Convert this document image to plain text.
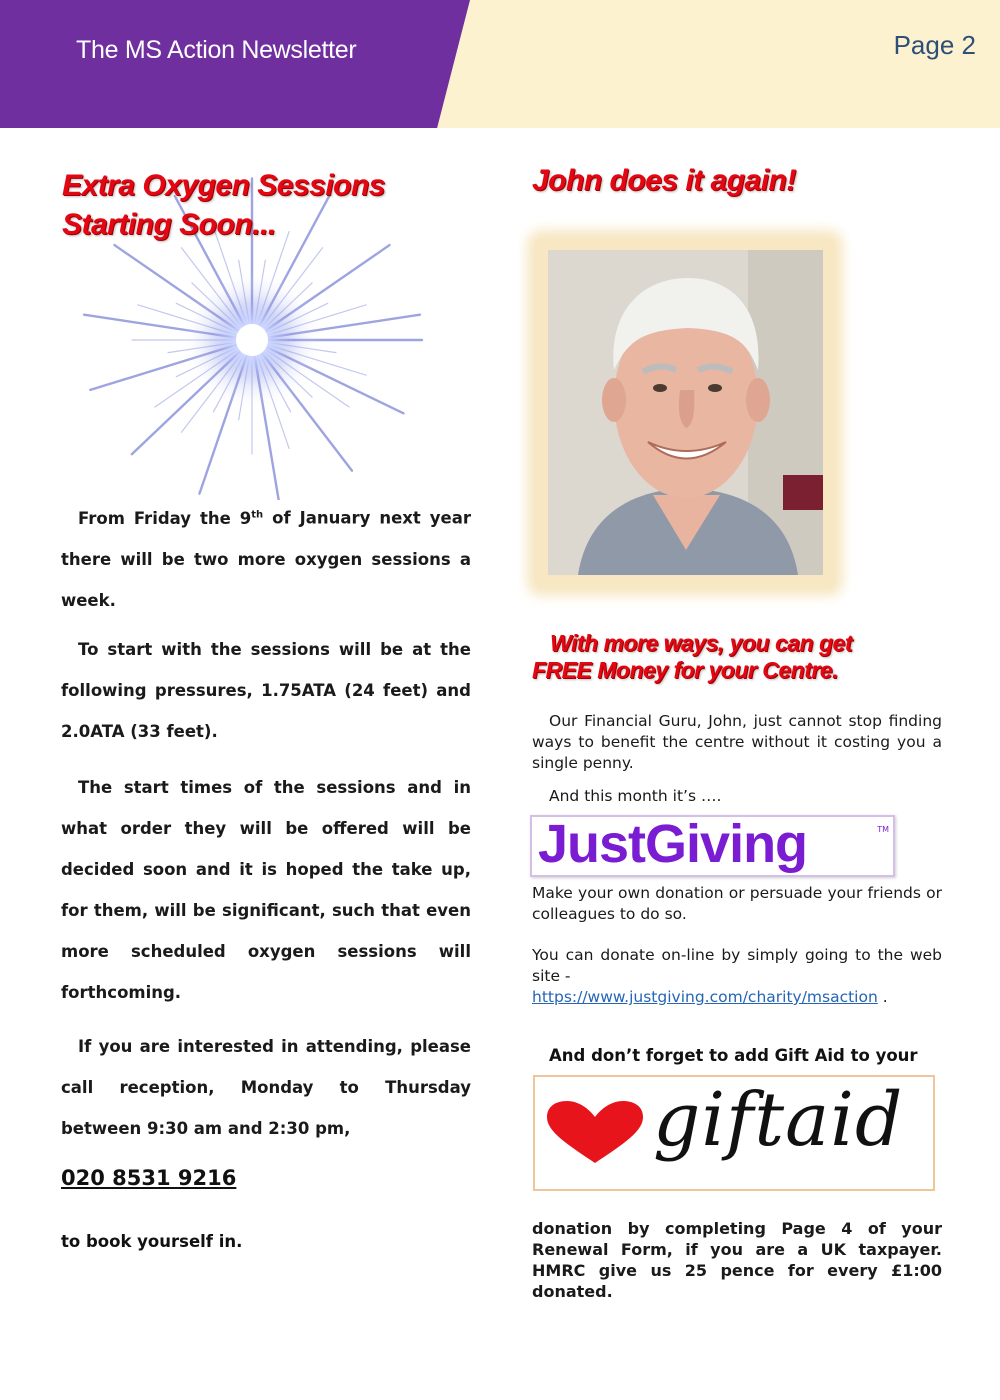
The MS Action Newsletter	Page 2
Extra Oxygen Sessions
Starting Soon...

From Friday the 9th of January next year there will be two more oxygen sessions a week.

To start with the sessions will be at the following pressures, 1.75ATA (24 feet) and 2.0ATA (33 feet).

The start times of the sessions and in what order they will be offered will be decided soon and it is hoped the take up, for them, will be significant, such that even more scheduled oxygen sessions will forthcoming.

If you are interested in attending, please call reception, Monday to Thursday between 9:30 am and 2:30 pm,

020 8531 9216
to book yourself in.
John does it again!
With more ways, you can get
FREE Money for your Centre.
Our Financial Guru, John, just cannot stop finding ways to benefit the centre without it costing you a single penny.
And this month it’s ….
JustGiving	TM
Make your own donation or persuade your friends or colleagues to do so.
You can donate on-line by simply going to the web site -
https://www.justgiving.com/charity/msaction .
And don’t forget to add Gift Aid to your
giftaid
donation by completing Page 4 of your Renewal Form, if you are a UK taxpayer. HMRC give us 25 pence for every £1:00 donated.
